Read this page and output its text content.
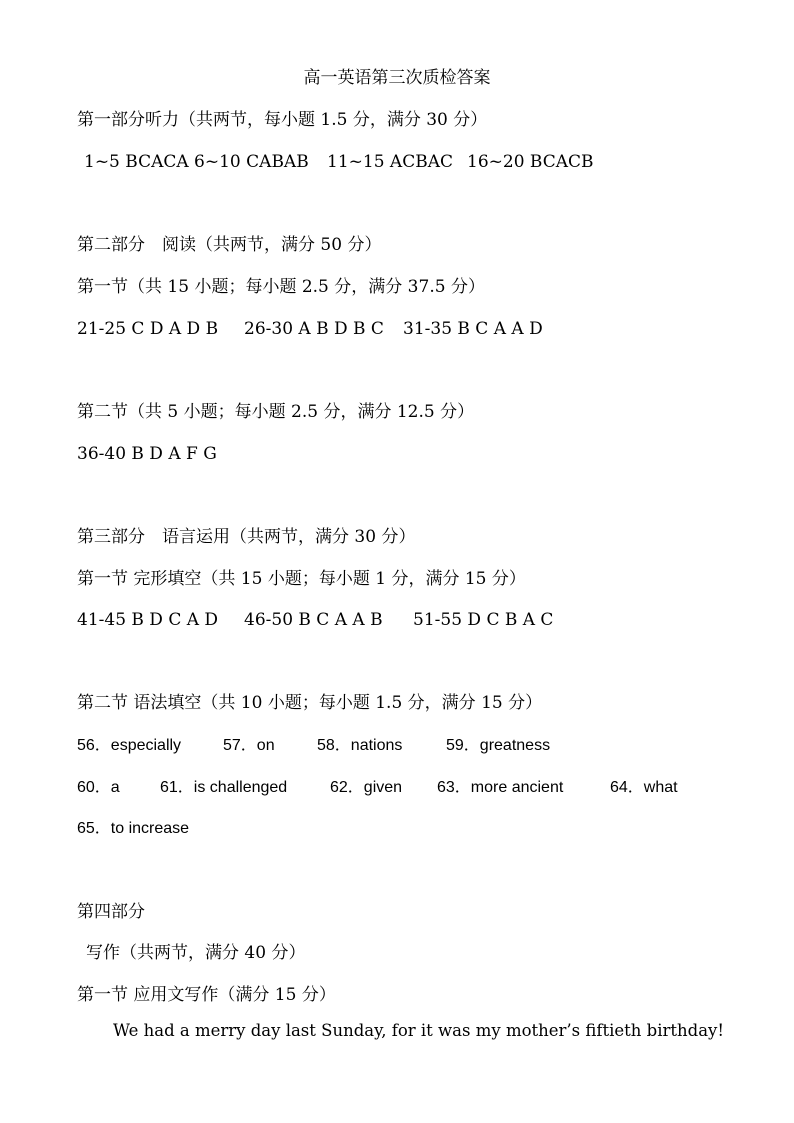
高一英语第三次质检答案
第一部分听力（共两节，每小题 1.5 分，满分 30 分）
1~5 BCACA 6~10 CABAB 11~15 ACBAC 16~20 BCACB
第二部分　阅读（共两节，满分 50 分）
第一节（共 15 小题；每小题 2.5 分，满分 37.5 分）
21-25 C D A D B 26-30 A B D B C 31-35 B C A A D
第二节（共 5 小题；每小题 2.5 分，满分 12.5 分）
36-40 B D A F G
第三部分　语言运用（共两节，满分 30 分）
第一节 完形填空（共 15 小题；每小题 1 分，满分 15 分）
41-45 B D C A D 46-50 B C A A B 51-55 D C B A C
第二节 语法填空（共 10 小题；每小题 1.5 分，满分 15 分）
56．especially	57．on	58．nations	59．greatness
60．a	61．is challenged	62．given 63．more ancient	64．what
65．to increase
第四部分
写作（共两节，满分 40 分）
第一节 应用文写作（满分 15 分）
We had a merry day last Sunday, for it was my mother’s fiftieth birthday!
